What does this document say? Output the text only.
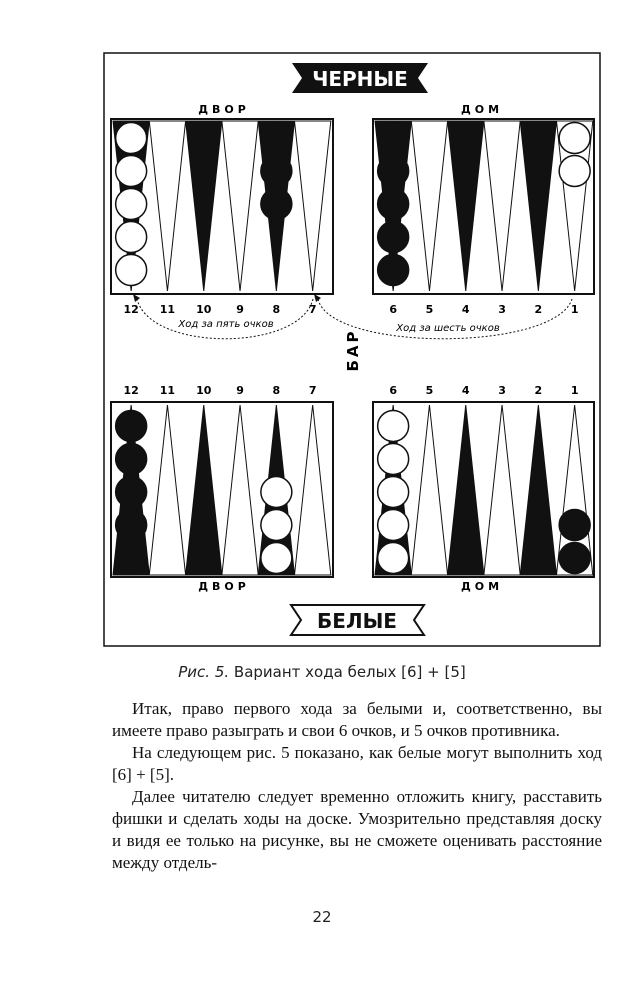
ЧЕРНЫЕ
БЕЛЫЕ
ДВОР	ДОМ
ДВОР	ДОМ
12 11 10 9	8	7	6	5	4	3	2	1
12 11 10 9	8	7	6	5	4	3	2	1
Ход за пять очков	Ход за шесть очков
БАР
Рис. 5. Вариант хода белых [6] + [5]

Итак, право первого хода за белыми и, соответственно, вы имеете право разыграть и свои 6 очков, и 5 очков противника.

На следующем рис. 5 показано, как белые могут выполнить ход [6] + [5].

Далее читателю следует временно отложить книгу, расставить фишки и сделать ходы на доске. Умозрительно представляя доску и видя ее только на рисунке, вы не сможете оценивать расстояние между отдель-

22
